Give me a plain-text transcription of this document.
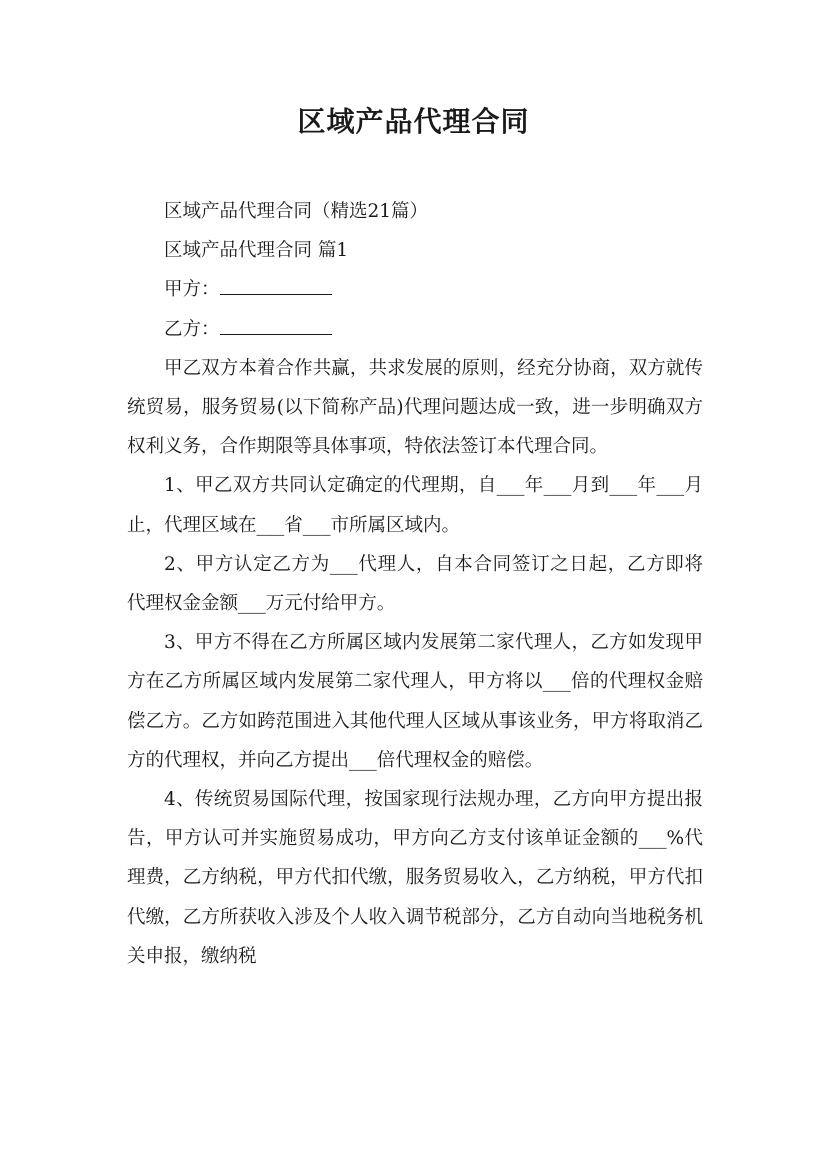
区域产品代理合同

区域产品代理合同（精选21篇）

区域产品代理合同 篇1

甲方：

乙方：

甲乙双方本着合作共赢，共求发展的原则，经充分协商，双方就传统贸易，服务贸易(以下简称产品)代理问题达成一致，进一步明确双方权利义务，合作期限等具体事项，特依法签订本代理合同。

1、甲乙双方共同认定确定的代理期，自___年___月到___年___月止，代理区域在___省___市所属区域内。

2、甲方认定乙方为___代理人，自本合同签订之日起，乙方即将代理权金金额___万元付给甲方。

3、甲方不得在乙方所属区域内发展第二家代理人，乙方如发现甲方在乙方所属区域内发展第二家代理人，甲方将以___倍的代理权金赔偿乙方。乙方如跨范围进入其他代理人区域从事该业务，甲方将取消乙方的代理权，并向乙方提出___倍代理权金的赔偿。

4、传统贸易国际代理，按国家现行法规办理，乙方向甲方提出报告，甲方认可并实施贸易成功，甲方向乙方支付该单证金额的___%代理费，乙方纳税，甲方代扣代缴，服务贸易收入，乙方纳税，甲方代扣代缴，乙方所获收入涉及个人收入调节税部分，乙方自动向当地税务机关申报，缴纳税
